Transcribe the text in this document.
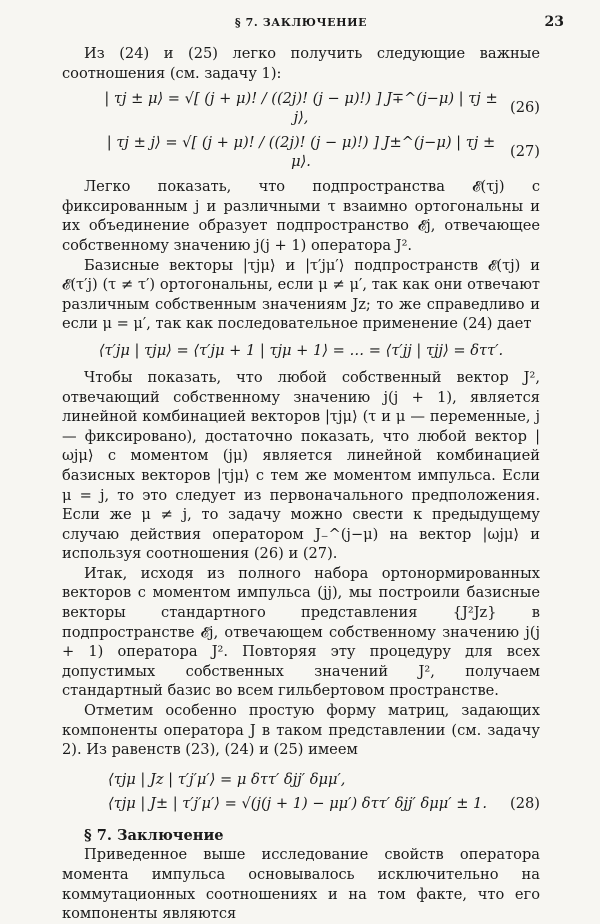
§ 7. ЗАКЛЮЧЕНИЕ	23

Из (24) и (25) легко получить следующие важные соотношения (см. задачу 1):

| τj ± μ⟩ = √[ (j + μ)! / ((2j)! (j − μ)!) ] J∓^(j−μ) | τj ± j⟩,
(26)
| τj ± j⟩ = √[ (j + μ)! / ((2j)! (j − μ)!) ] J±^(j−μ) | τj ± μ⟩.
(27)

Легко показать, что подпространства 𝓔(τj) с фиксированным j и различными τ взаимно ортогональны и их объединение образует подпространство 𝓔j, отвечающее собственному значению j(j + 1) оператора J².

Базисные векторы |τjμ⟩ и |τ′jμ′⟩ подпространств 𝓔(τj) и 𝓔(τ′j) (τ ≠ τ′) ортогональны, если μ ≠ μ′, так как они отвечают различным собственным значениям Jz; то же справедливо и если μ = μ′, так как последовательное применение (24) дает

⟨τ′jμ | τjμ⟩ = ⟨τ′jμ + 1 | τjμ + 1⟩ = … = ⟨τ′jj | τjj⟩ = δττ′.

Чтобы показать, что любой собственный вектор J², отвечающий собственному значению j(j + 1), является линейной комбинацией векторов |τjμ⟩ (τ и μ — переменные, j — фиксировано), достаточно показать, что любой вектор |ωjμ⟩ с моментом (jμ) является линейной комбинацией базисных векторов |τjμ⟩ с тем же моментом импульса. Если μ = j, то это следует из первоначального предположения. Если же μ ≠ j, то задачу можно свести к предыдущему случаю действия оператором J₋^(j−μ) на вектор |ωjμ⟩ и используя соотношения (26) и (27).

Итак, исходя из полного набора ортонормированных векторов с моментом импульса (jj), мы построили базисные векторы стандартного представления {J²Jz} в подпространстве 𝓔j, отвечающем собственному значению j(j + 1) оператора J². Повторяя эту процедуру для всех допустимых собственных значений J², получаем стандартный базис во всем гильбертовом пространстве.

Отметим особенно простую форму матриц, задающих компоненты оператора J в таком представлении (см. задачу 2). Из равенств (23), (24) и (25) имеем

⟨τjμ | Jz | τ′j′μ′⟩ = μ δττ′ δjj′ δμμ′,
⟨τjμ | J± | τ′j′μ′⟩ = √(j(j + 1) − μμ′) δττ′ δjj′ δμμ′ ± 1.	(28)

§ 7. Заключение

Приведенное выше исследование свойств оператора момента импульса основывалось исключительно на коммутационных соотношениях и на том факте, что его компоненты являются
